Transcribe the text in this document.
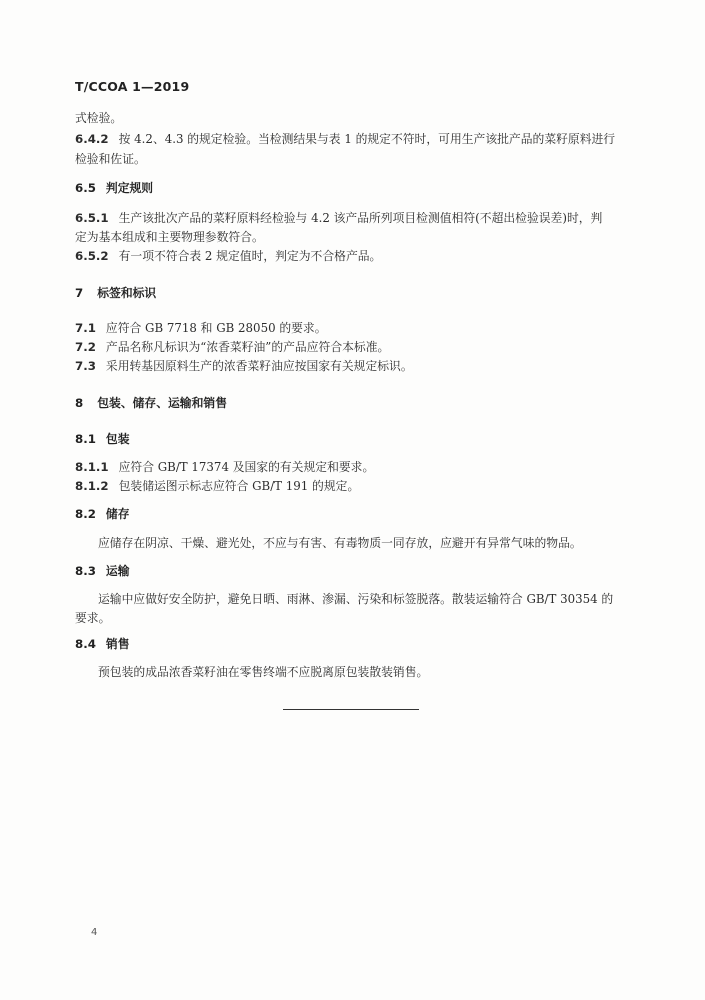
T/CCOA 1—2019
式检验。
6.4.2 按 4.2、4.3 的规定检验。当检测结果与表 1 的规定不符时，可用生产该批产品的菜籽原料进行
检验和佐证。
6.5 判定规则
6.5.1 生产该批次产品的菜籽原料经检验与 4.2 该产品所列项目检测值相符(不超出检验误差)时，判
定为基本组成和主要物理参数符合。
6.5.2 有一项不符合表 2 规定值时，判定为不合格产品。
7 标签和标识
7.1 应符合 GB 7718 和 GB 28050 的要求。
7.2 产品名称凡标识为“浓香菜籽油”的产品应符合本标准。
7.3 采用转基因原料生产的浓香菜籽油应按国家有关规定标识。
8 包装、储存、运输和销售
8.1 包装
8.1.1 应符合 GB/T 17374 及国家的有关规定和要求。
8.1.2 包装储运图示标志应符合 GB/T 191 的规定。
8.2 储存
应储存在阴凉、干燥、避光处，不应与有害、有毒物质一同存放，应避开有异常气味的物品。
8.3 运输
运输中应做好安全防护，避免日晒、雨淋、渗漏、污染和标签脱落。散装运输符合 GB/T 30354 的
要求。
8.4 销售
预包装的成品浓香菜籽油在零售终端不应脱离原包装散装销售。
4
